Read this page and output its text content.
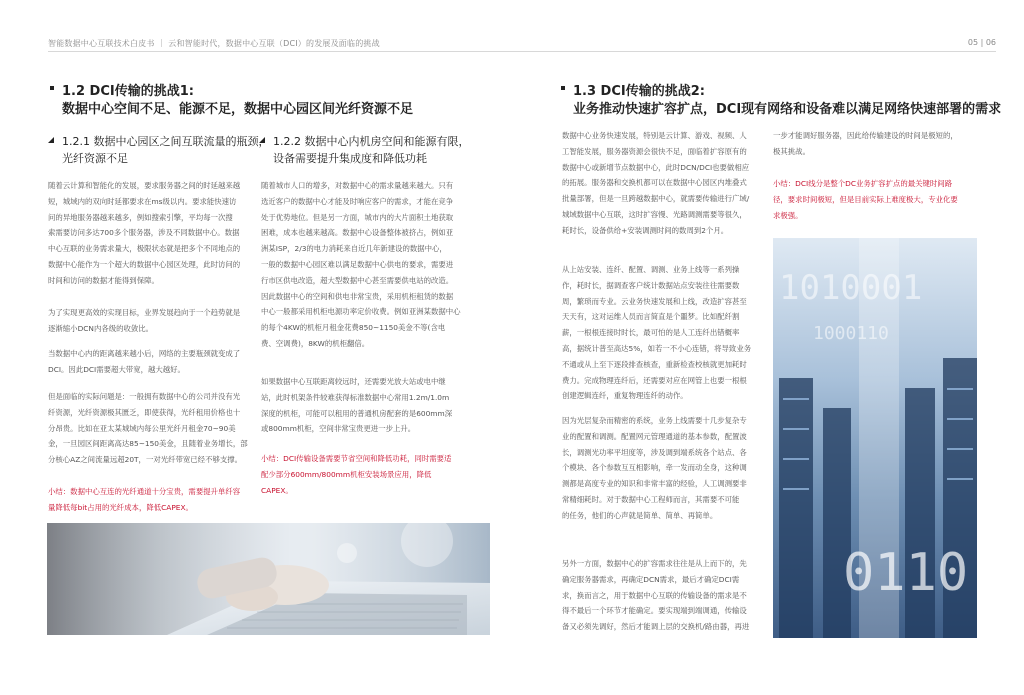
智能数据中心互联技术白皮书 ｜ 云和智能时代，数据中心互联（DCI）的发展及面临的挑战	05 | 06
1.2 DCI传输的挑战1:
数据中心空间不足、能源不足，数据中心园区间光纤资源不足
1.2.1 数据中心园区之间互联流量的瓶颈，
光纤资源不足
1.2.2 数据中心内机房空间和能源有限，
设备需要提升集成度和降低功耗
随着云计算和智能化的发展，要求服务器之间的时延越来越
短，城域内的双向时延都要求在ms级以内。要求能快速访
问的异地服务器越来越多，例如搜索引擎，平均每一次搜
索需要访问多达700多个服务器，涉及不同数据中心。数据
中心互联的业务需求量大，极限状态就是把多个不同地点的
数据中心能作为一个超大的数据中心园区处理，此时访问的
时间和访问的数据才能得到保障。
为了实现更高效的实现目标，业界发展趋向于一个趋势就是
逐渐缩小DCN内各级的收敛比。
当数据中心内的距离越来越小后，网络的主要瓶颈就变成了
DCI。因此DCI需要超大带宽，越大越好。
但是面临的实际问题是：一般拥有数据中心的公司并没有光
纤资源，光纤资源极其匮乏，即使获得，光纤租用价格也十
分昂贵。比如在亚太某城域内每公里光纤月租金70~90美
金，一旦园区间距离高达85~150美金，且随着业务增长，部
分核心AZ之间流量远超20T，一对光纤带宽已经不够支撑。
小结：数据中心互连的光纤通道十分宝贵，需要提升单纤容
量降低每bit占用的光纤成本，降低CAPEX。
随着城市人口的增多，对数据中心的需求量越来越大。只有
选近客户的数据中心才能及时响应客户的需求，才能在竞争
处于优势地位。但是另一方面，城市内的大片面积土地获取
困难，成本也越来越高。数据中心设备整体被挤占，例如亚
洲某ISP，2/3的电力消耗来自近几年新建设的数据中心，
一般的数据中心园区难以满足数据中心供电的要求，需要进
行市区供电改造，超大型数据中心甚至需要供电站的改造。
因此数据中心的空间和供电非常宝贵，采用机柜租赁的数据
中心一般都采用机柜电源功率定价收费。例如亚洲某数据中心
的每个4KW的机柜月租金花费850~1150美金不等(含电
费、空调费)，8KW的机柜翻倍。
如果数据中心互联距离较远时，还需要光放大站或电中继
站，此时机架条件较难获得标准数据中心常用1.2m/1.0m
深度的机柜，可能可以租用的普通机房配套的是600mm深
或800mm机柜，空间非常宝贵更进一步上升。
小结：DCI传输设备需要节省空间和降低功耗，同时需要适
配少部分600mm/800mm机柜安装场景应用，降低
CAPEX。
1.3 DCI传输的挑战2:
业务推动快速扩容扩点，DCI现有网络和设备难以满足网络快速部署的需求
数据中心业务快速发展，特别是云计算、游戏、视频、人
工智能发展，服务器资源会很快不足，面临着扩容原有的
数据中心或新增节点数据中心，此时DCN/DCI也要做相应
的拓展。服务器和交换机都可以在数据中心园区内堆叠式
批量部署，但是一旦跨越数据中心，就需要传输进行广域/
城域数据中心互联，这时扩容慢、光路调测需要等很久，
耗时长，设备供给+安装调测时间的数周到2个月。
从上站安装、连纤、配置、调测、业务上线等一系列操
作，耗时长，据调查客户统计数据站点安装往往需要数
周，繁琐而专业。云业务快速发展和上线，改造扩容甚至
天天有，这对运维人员而言简直是个噩梦。比如配纤割
薪，一根根连接时时长，最可怕的是人工连纤出错概率
高，据统计普至高达5%，如若一不小心连错，将导致业务
不通或从上至下逐段排查核查，重新检查校核就更加耗时
费力。完成物理连纤后，还需要对应在网管上也要一根根
创建逻辑连纤，重复物理连纤的动作。
因为光层复杂而精密的系统，业务上线需要十几步复杂专
业的配置和调测。配置网元管理通道的基本参数，配置波
长，调测光功率平坦度等，涉及调到端系统各个站点、各
个模块、各个参数互互相影响，牵一发而动全身，这种调
测都是高度专业的知识和非常丰富的经验，人工调测要非
常精细耗时。对于数据中心工程师而言，其需要不可能
的任务，他们的心声就是简单、简单、再简单。
另外一方面，数据中心的扩容需求往往是从上而下的，先
确定服务器需求，再确定DCN需求，最后才确定DCI需
求，换而言之，用于数据中心互联的传输设备的需求是不
得不最后一个环节才能确定。要实现端到端调通，传输设
备又必须先调好，然后才能调上层的交换机/路由器，再进
一步才能调好服务器，因此给传输建设的时间是极短的，
极其挑战。
小结：DCI线分是整个DC业务扩容扩点的最关键时间路
径，要求时间极短，但是目前实际上难度极大，专业化要
求极强。
1010001
1000110
0110
